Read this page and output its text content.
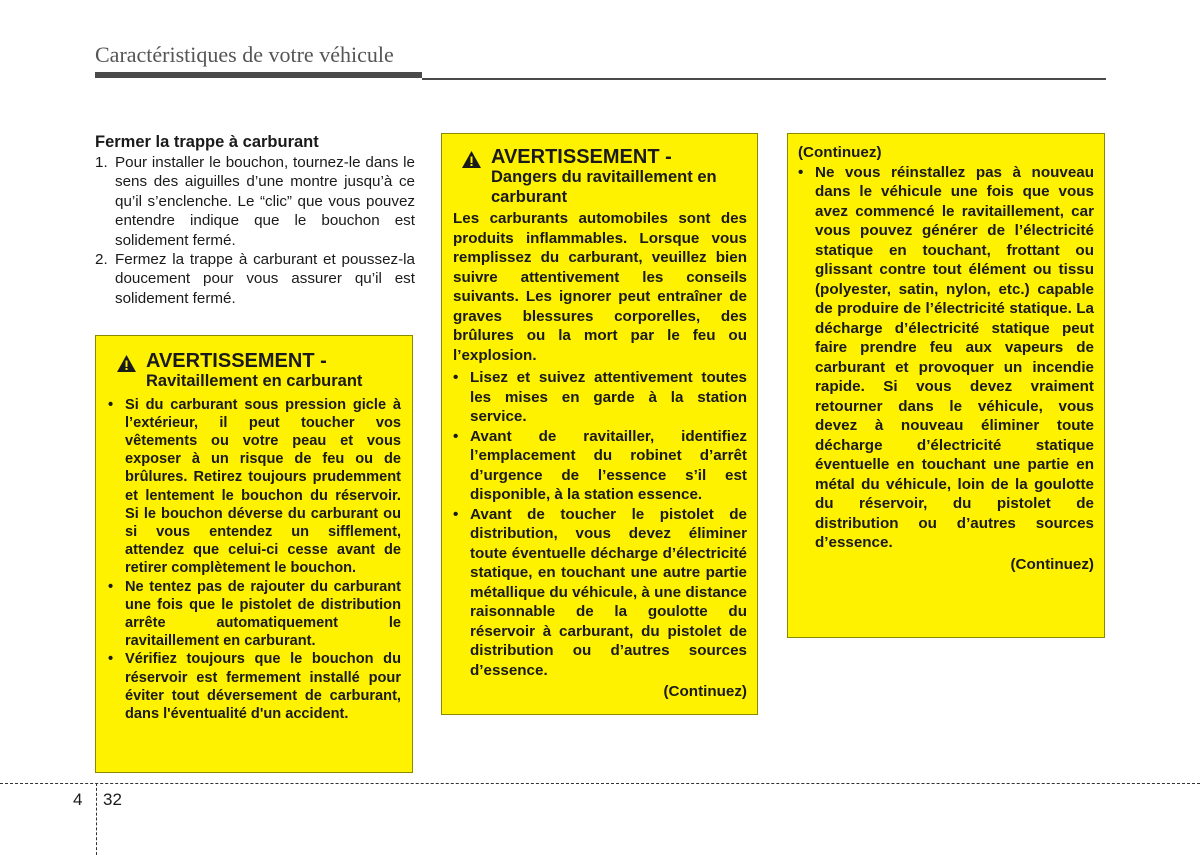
Caractéristiques de votre véhicule
Fermer la trappe à carburant
1. Pour installer le bouchon, tournez-le dans le sens des aiguilles d’une montre jusqu’à ce qu’il s’enclenche. Le “clic” que vous pouvez entendre indique que le bouchon est solidement fermé.
2. Fermez la trappe à carburant et poussez-la doucement pour vous assurer qu’il est solidement fermé.
AVERTISSEMENT -
Ravitaillement en carburant
• Si du carburant sous pression gicle à l’extérieur, il peut toucher vos vêtements ou votre peau et vous exposer à un risque de feu ou de brûlures. Retirez toujours prudemment et lentement le bouchon du réservoir. Si le bouchon déverse du carburant ou si vous entendez un sifflement, attendez que celui-ci cesse avant de retirer complètement le bouchon.
• Ne tentez pas de rajouter du carburant une fois que le pistolet de distribution arrête automatiquement le ravitaillement en carburant.
• Vérifiez toujours que le bouchon du réservoir est fermement installé pour éviter tout déversement de carburant, dans l'éventualité d'un accident.
AVERTISSEMENT -
Dangers du ravitaillement en carburant
Les carburants automobiles sont des produits inflammables. Lorsque vous remplissez du carburant, veuillez bien suivre attentivement les conseils suivants. Les ignorer peut entraîner de graves blessures corporelles, des brûlures ou la mort par le feu ou l’explosion.
• Lisez et suivez attentivement toutes les mises en garde à la station service.
• Avant de ravitailler, identifiez l’emplacement du robinet d’arrêt d’urgence de l’essence s’il est disponible, à la station essence.
• Avant de toucher le pistolet de distribution, vous devez éliminer toute éventuelle décharge d’électricité statique, en touchant une autre partie métallique du véhicule, à une distance raisonnable de la goulotte du réservoir à carburant, du pistolet de distribution ou d’autres sources d’essence.
(Continuez)
(Continuez)
• Ne vous réinstallez pas à nouveau dans le véhicule une fois que vous avez commencé le ravitaillement, car vous pouvez générer de l’électricité statique en touchant, frottant ou glissant contre tout élément ou tissu (polyester, satin, nylon, etc.) capable de produire de l’électricité statique. La décharge d’électricité statique peut faire prendre feu aux vapeurs de carburant et provoquer un incendie rapide. Si vous devez vraiment retourner dans le véhicule, vous devez à nouveau éliminer toute décharge d’électricité statique éventuelle en touchant une partie en métal du véhicule, loin de la goulotte du réservoir, du pistolet de distribution ou d’autres sources d’essence.
(Continuez)
4 32
